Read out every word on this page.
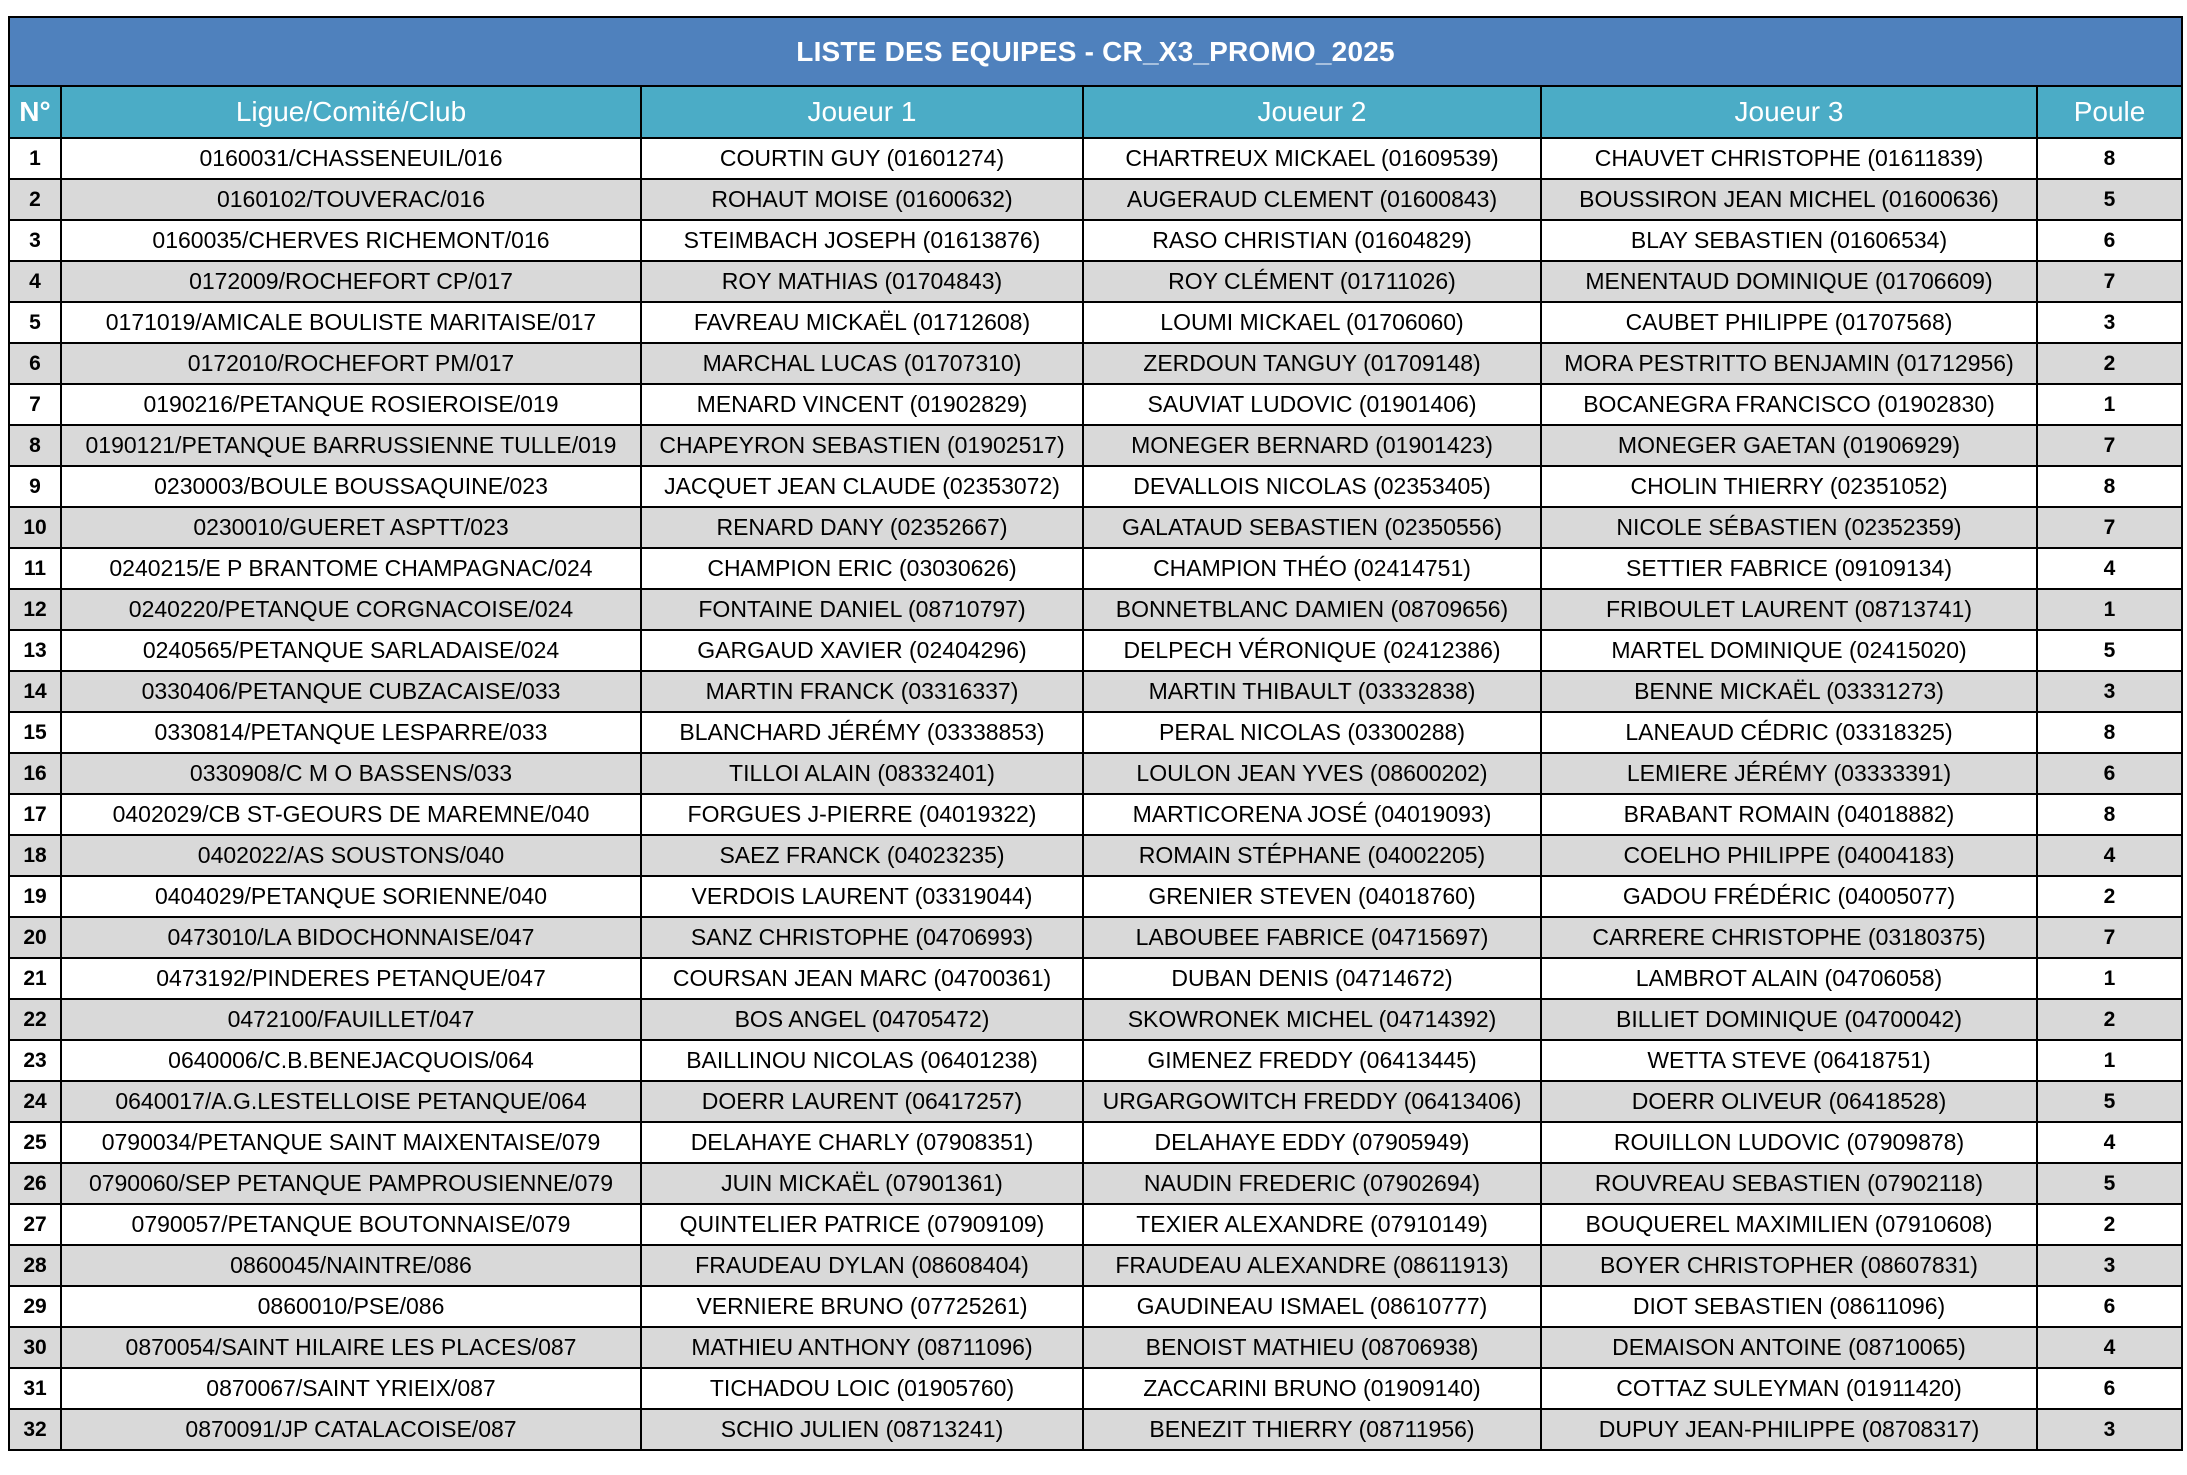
LISTE DES EQUIPES - CR_X3_PROMO_2025					
N°	Ligue/Comité/Club	Joueur 1	Joueur 2	Joueur 3	Poule
1	0160031/CHASSENEUIL/016	COURTIN GUY (01601274)	CHARTREUX MICKAEL (01609539)	CHAUVET CHRISTOPHE (01611839)	8
2	0160102/TOUVERAC/016	ROHAUT MOISE (01600632)	AUGERAUD CLEMENT (01600843)	BOUSSIRON JEAN MICHEL (01600636)	5
3	0160035/CHERVES RICHEMONT/016	STEIMBACH JOSEPH (01613876)	RASO CHRISTIAN (01604829)	BLAY SEBASTIEN (01606534)	6
4	0172009/ROCHEFORT CP/017	ROY MATHIAS (01704843)	ROY CLÉMENT (01711026)	MENENTAUD DOMINIQUE (01706609)	7
5	0171019/AMICALE BOULISTE MARITAISE/017	FAVREAU MICKAËL (01712608)	LOUMI MICKAEL (01706060)	CAUBET PHILIPPE (01707568)	3
6	0172010/ROCHEFORT PM/017	MARCHAL LUCAS (01707310)	ZERDOUN TANGUY (01709148)	MORA PESTRITTO BENJAMIN (01712956)	2
7	0190216/PETANQUE ROSIEROISE/019	MENARD VINCENT (01902829)	SAUVIAT LUDOVIC (01901406)	BOCANEGRA FRANCISCO (01902830)	1
8	0190121/PETANQUE BARRUSSIENNE TULLE/019	CHAPEYRON SEBASTIEN (01902517)	MONEGER BERNARD (01901423)	MONEGER GAETAN (01906929)	7
9	0230003/BOULE BOUSSAQUINE/023	JACQUET JEAN CLAUDE (02353072)	DEVALLOIS NICOLAS (02353405)	CHOLIN THIERRY (02351052)	8
10	0230010/GUERET ASPTT/023	RENARD DANY (02352667)	GALATAUD SEBASTIEN (02350556)	NICOLE SÉBASTIEN (02352359)	7
11	0240215/E P BRANTOME CHAMPAGNAC/024	CHAMPION ERIC (03030626)	CHAMPION THÉO (02414751)	SETTIER FABRICE (09109134)	4
12	0240220/PETANQUE CORGNACOISE/024	FONTAINE DANIEL (08710797)	BONNETBLANC DAMIEN (08709656)	FRIBOULET LAURENT (08713741)	1
13	0240565/PETANQUE SARLADAISE/024	GARGAUD XAVIER (02404296)	DELPECH VÉRONIQUE (02412386)	MARTEL DOMINIQUE (02415020)	5
14	0330406/PETANQUE CUBZACAISE/033	MARTIN FRANCK (03316337)	MARTIN THIBAULT (03332838)	BENNE MICKAËL (03331273)	3
15	0330814/PETANQUE LESPARRE/033	BLANCHARD JÉRÉMY (03338853)	PERAL NICOLAS (03300288)	LANEAUD CÉDRIC (03318325)	8
16	0330908/C M O BASSENS/033	TILLOI ALAIN (08332401)	LOULON JEAN YVES (08600202)	LEMIERE JÉRÉMY (03333391)	6
17	0402029/CB ST-GEOURS DE MAREMNE/040	FORGUES J-PIERRE (04019322)	MARTICORENA JOSÉ (04019093)	BRABANT ROMAIN (04018882)	8
18	0402022/AS SOUSTONS/040	SAEZ FRANCK (04023235)	ROMAIN STÉPHANE (04002205)	COELHO PHILIPPE (04004183)	4
19	0404029/PETANQUE SORIENNE/040	VERDOIS LAURENT (03319044)	GRENIER STEVEN (04018760)	GADOU FRÉDÉRIC (04005077)	2
20	0473010/LA BIDOCHONNAISE/047	SANZ CHRISTOPHE (04706993)	LABOUBEE FABRICE (04715697)	CARRERE CHRISTOPHE (03180375)	7
21	0473192/PINDERES PETANQUE/047	COURSAN JEAN MARC (04700361)	DUBAN DENIS (04714672)	LAMBROT ALAIN (04706058)	1
22	0472100/FAUILLET/047	BOS ANGEL (04705472)	SKOWRONEK MICHEL (04714392)	BILLIET DOMINIQUE (04700042)	2
23	0640006/C.B.BENEJACQUOIS/064	BAILLINOU NICOLAS (06401238)	GIMENEZ FREDDY (06413445)	WETTA STEVE (06418751)	1
24	0640017/A.G.LESTELLOISE PETANQUE/064	DOERR LAURENT (06417257)	URGARGOWITCH FREDDY (06413406)	DOERR OLIVEUR (06418528)	5
25	0790034/PETANQUE SAINT MAIXENTAISE/079	DELAHAYE CHARLY (07908351)	DELAHAYE EDDY (07905949)	ROUILLON LUDOVIC (07909878)	4
26	0790060/SEP PETANQUE PAMPROUSIENNE/079	JUIN MICKAËL (07901361)	NAUDIN FREDERIC (07902694)	ROUVREAU SEBASTIEN (07902118)	5
27	0790057/PETANQUE BOUTONNAISE/079	QUINTELIER PATRICE (07909109)	TEXIER ALEXANDRE (07910149)	BOUQUEREL MAXIMILIEN (07910608)	2
28	0860045/NAINTRE/086	FRAUDEAU DYLAN (08608404)	FRAUDEAU ALEXANDRE (08611913)	BOYER CHRISTOPHER (08607831)	3
29	0860010/PSE/086	VERNIERE BRUNO (07725261)	GAUDINEAU ISMAEL (08610777)	DIOT SEBASTIEN (08611096)	6
30	0870054/SAINT HILAIRE LES PLACES/087	MATHIEU ANTHONY (08711096)	BENOIST MATHIEU (08706938)	DEMAISON ANTOINE (08710065)	4
31	0870067/SAINT YRIEIX/087	TICHADOU LOIC (01905760)	ZACCARINI BRUNO (01909140)	COTTAZ SULEYMAN (01911420)	6
32	0870091/JP CATALACOISE/087	SCHIO JULIEN (08713241)	BENEZIT THIERRY (08711956)	DUPUY JEAN-PHILIPPE (08708317)	3
